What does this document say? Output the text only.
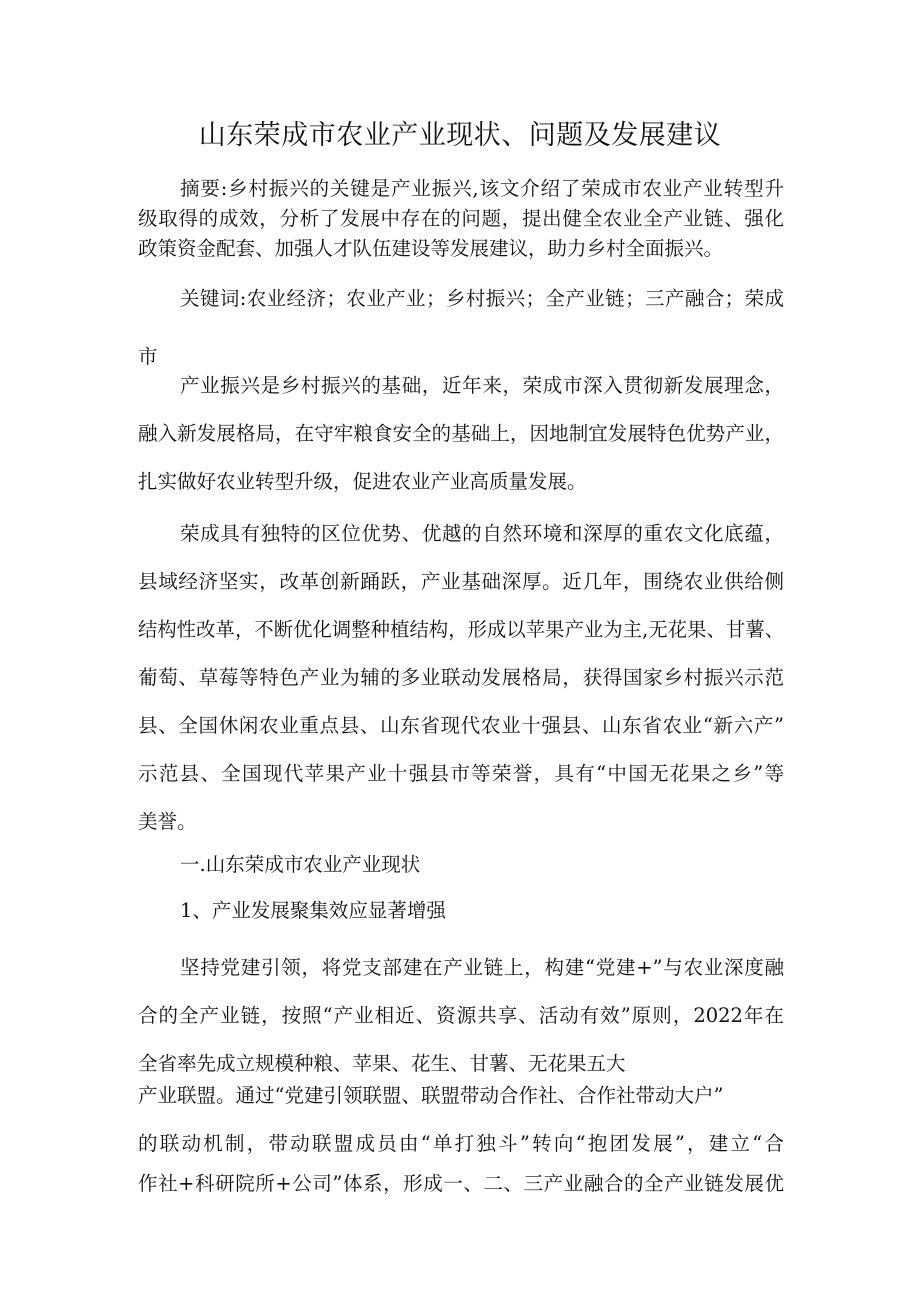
山东荣成市农业产业现状、问题及发展建议
摘要:乡村振兴的关键是产业振兴,该文介绍了荣成市农业产业转型升
级取得的成效，分析了发展中存在的问题，提出健全农业全产业链、强化
政策资金配套、加强人才队伍建设等发展建议，助力乡村全面振兴。
关键词:农业经济；农业产业；乡村振兴；全产业链；三产融合；荣成
市
产业振兴是乡村振兴的基础，近年来，荣成市深入贯彻新发展理念，
融入新发展格局，在守牢粮食安全的基础上，因地制宜发展特色优势产业，
扎实做好农业转型升级，促进农业产业高质量发展。
荣成具有独特的区位优势、优越的自然环境和深厚的重农文化底蕴，
县域经济坚实，改革创新踊跃，产业基础深厚。近几年，围绕农业供给侧
结构性改革，不断优化调整种植结构，形成以苹果产业为主,无花果、甘薯、
葡萄、草莓等特色产业为辅的多业联动发展格局，获得国家乡村振兴示范
县、全国休闲农业重点县、山东省现代农业十强县、山东省农业“新六产”
示范县、全国现代苹果产业十强县市等荣誉，具有“中国无花果之乡”等
美誉。
一.山东荣成市农业产业现状
1、产业发展聚集效应显著增强
坚持党建引领，将党支部建在产业链上，构建“党建+”与农业深度融
合的全产业链，按照“产业相近、资源共享、活动有效”原则，2022年在
全省率先成立规模种粮、苹果、花生、甘薯、无花果五大
产业联盟。通过“党建引领联盟、联盟带动合作社、合作社带动大户”
的联动机制，带动联盟成员由“单打独斗”转向“抱团发展”，建立“合
作社+科研院所+公司”体系，形成一、二、三产业融合的全产业链发展优
